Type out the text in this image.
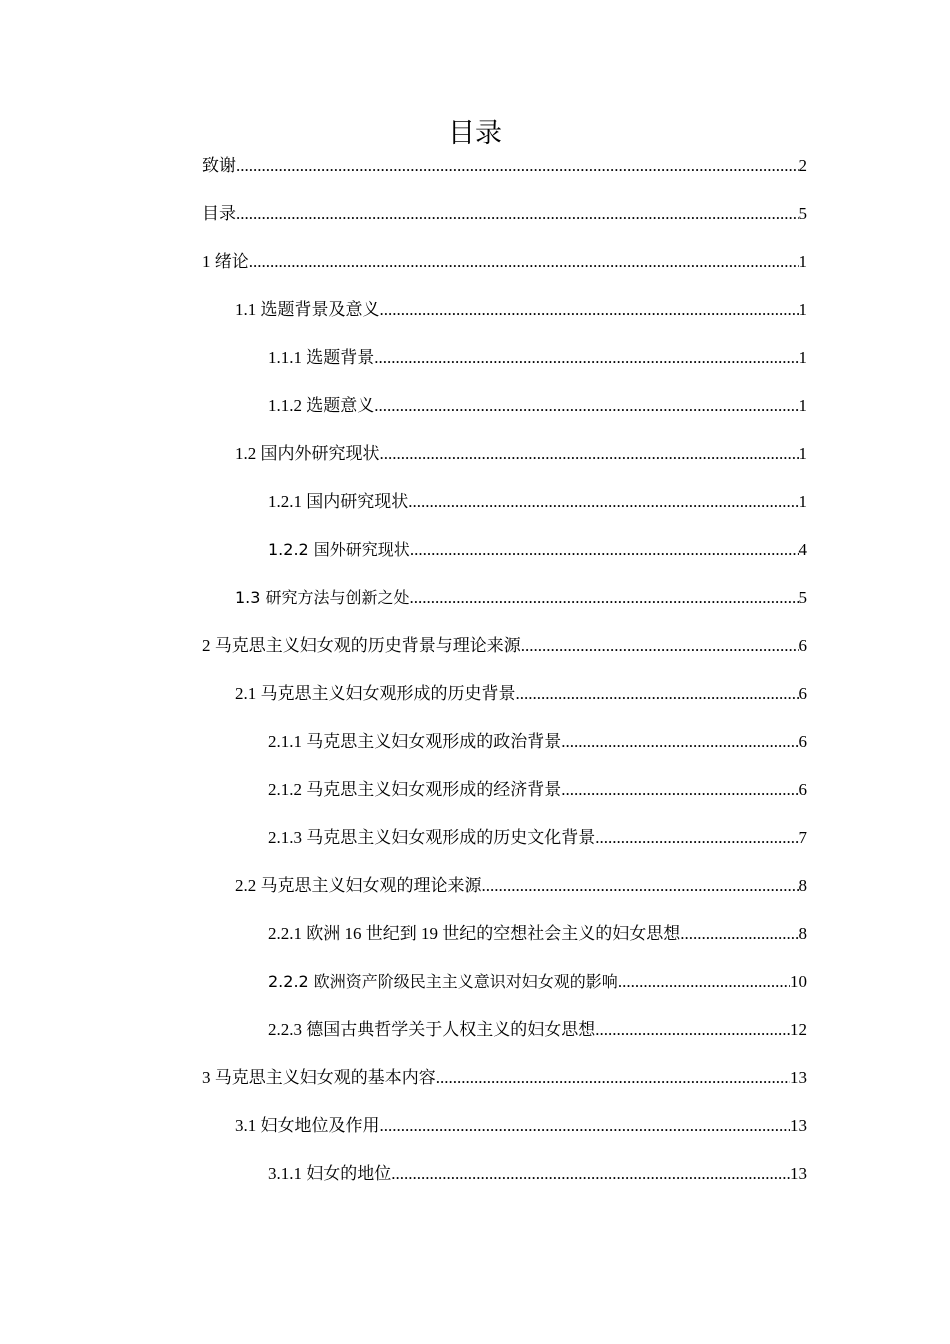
目录
致谢 .....	2
目录 .....	5
1 绪论 .....	1
1.1 选题背景及意义 .....	1
1.1.1 选题背景 .....	1
1.1.2 选题意义 .....	1
1.2 国内外研究现状 .....	1
1.2.1 国内研究现状 .....	1
1.2.2 国外研究现状 .....	4
1.3 研究方法与创新之处 .....	5
2 马克思主义妇女观的历史背景与理论来源 .....	6
2.1 马克思主义妇女观形成的历史背景 .....	6
2.1.1 马克思主义妇女观形成的政治背景 .....	6
2.1.2 马克思主义妇女观形成的经济背景 .....	6
2.1.3 马克思主义妇女观形成的历史文化背景 .....	7
2.2 马克思主义妇女观的理论来源 .....	8
2.2.1 欧洲 16 世纪到 19 世纪的空想社会主义的妇女思想 .....	8
2.2.2 欧洲资产阶级民主主义意识对妇女观的影响 .....	10
2.2.3 德国古典哲学关于人权主义的妇女思想 .....	12
3 马克思主义妇女观的基本内容 .....	13
3.1 妇女地位及作用 .....	13
3.1.1 妇女的地位 .....	13
